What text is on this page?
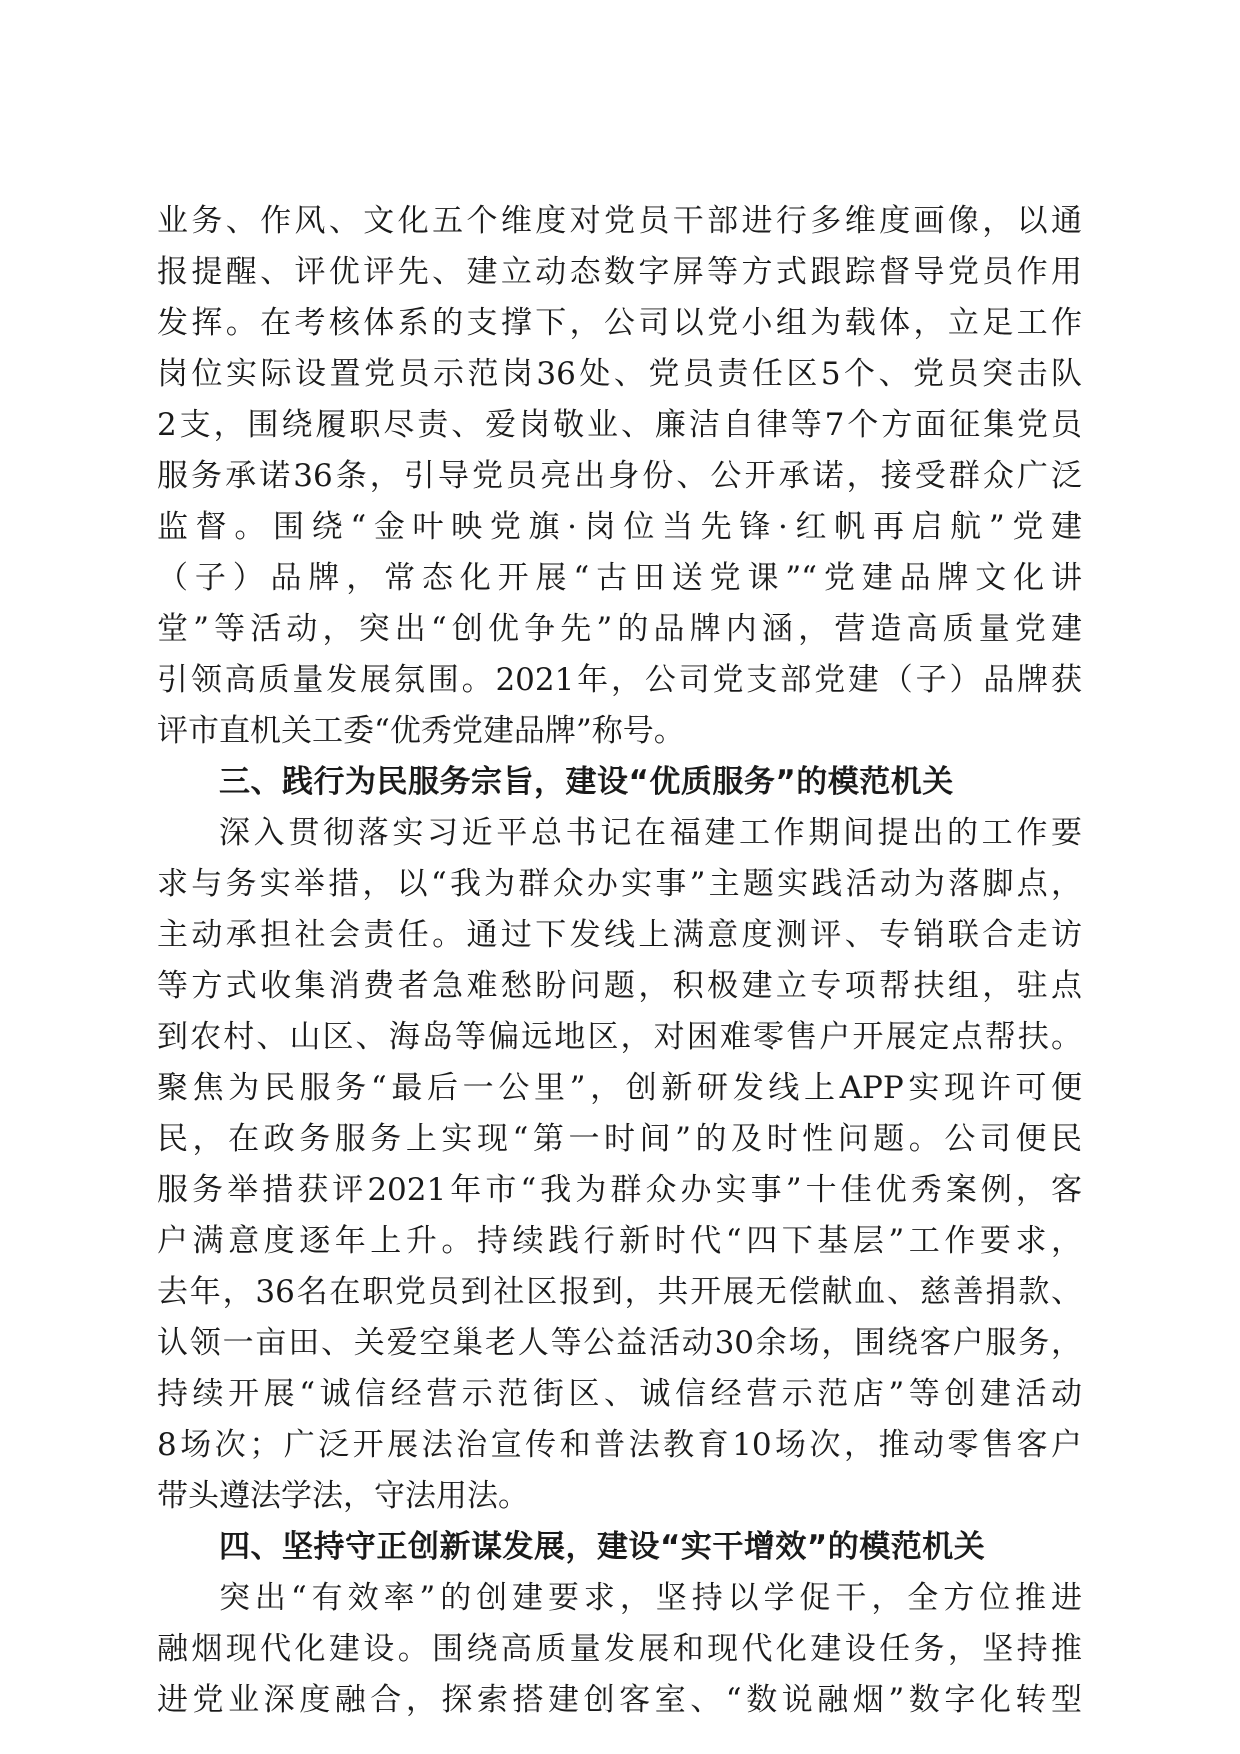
业务、作风、文化五个维度对党员干部进行多维度画像，以通
报提醒、评优评先、建立动态数字屏等方式跟踪督导党员作用
发挥。在考核体系的支撑下，公司以党小组为载体，立足工作
岗位实际设置党员示范岗36处、党员责任区5个、党员突击队
2支，围绕履职尽责、爱岗敬业、廉洁自律等7个方面征集党员
服务承诺36条，引导党员亮出身份、公开承诺，接受群众广泛
监督。围绕“金叶映党旗·岗位当先锋·红帆再启航”党建
（子）品牌，常态化开展“古田送党课”“党建品牌文化讲
堂”等活动，突出“创优争先”的品牌内涵，营造高质量党建
引领高质量发展氛围。2021年，公司党支部党建（子）品牌获
评市直机关工委“优秀党建品牌”称号。
三、践行为民服务宗旨，建设“优质服务”的模范机关
深入贯彻落实习近平总书记在福建工作期间提出的工作要
求与务实举措，以“我为群众办实事”主题实践活动为落脚点，
主动承担社会责任。通过下发线上满意度测评、专销联合走访
等方式收集消费者急难愁盼问题，积极建立专项帮扶组，驻点
到农村、山区、海岛等偏远地区，对困难零售户开展定点帮扶。
聚焦为民服务“最后一公里”，创新研发线上APP实现许可便
民，在政务服务上实现“第一时间”的及时性问题。公司便民
服务举措获评2021年市“我为群众办实事”十佳优秀案例，客
户满意度逐年上升。持续践行新时代“四下基层”工作要求，
去年，36名在职党员到社区报到，共开展无偿献血、慈善捐款、
认领一亩田、关爱空巢老人等公益活动30余场，围绕客户服务，
持续开展“诚信经营示范街区、诚信经营示范店”等创建活动
8场次；广泛开展法治宣传和普法教育10场次，推动零售客户
带头遵法学法，守法用法。
四、坚持守正创新谋发展，建设“实干增效”的模范机关
突出“有效率”的创建要求，坚持以学促干，全方位推进
融烟现代化建设。围绕高质量发展和现代化建设任务，坚持推
进党业深度融合，探索搭建创客室、“数说融烟”数字化转型
